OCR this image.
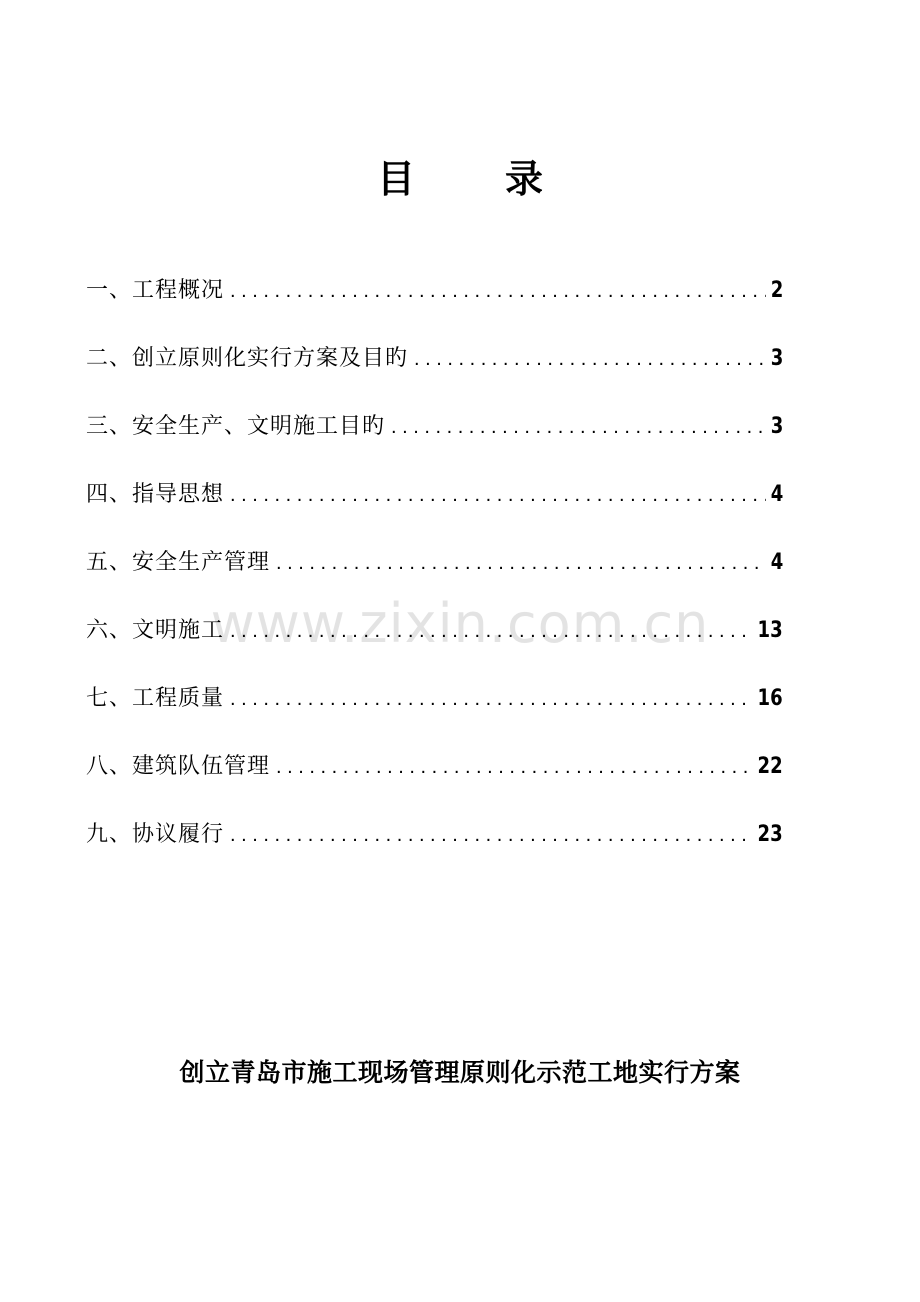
目 录
一、工程概况 . . .	2
二、创立原则化实行方案及目旳 . . .	3
三、安全生产、文明施工目旳 . . .	3
四、指导思想 . . .	4
五、安全生产管理 . . .	4
六、文明施工 . . .	13
七、工程质量 . . .	16
八、建筑队伍管理 . . .	22
九、协议履行 . . .	23
www.zixin.com.cn
创立青岛市施工现场管理原则化示范工地实行方案
